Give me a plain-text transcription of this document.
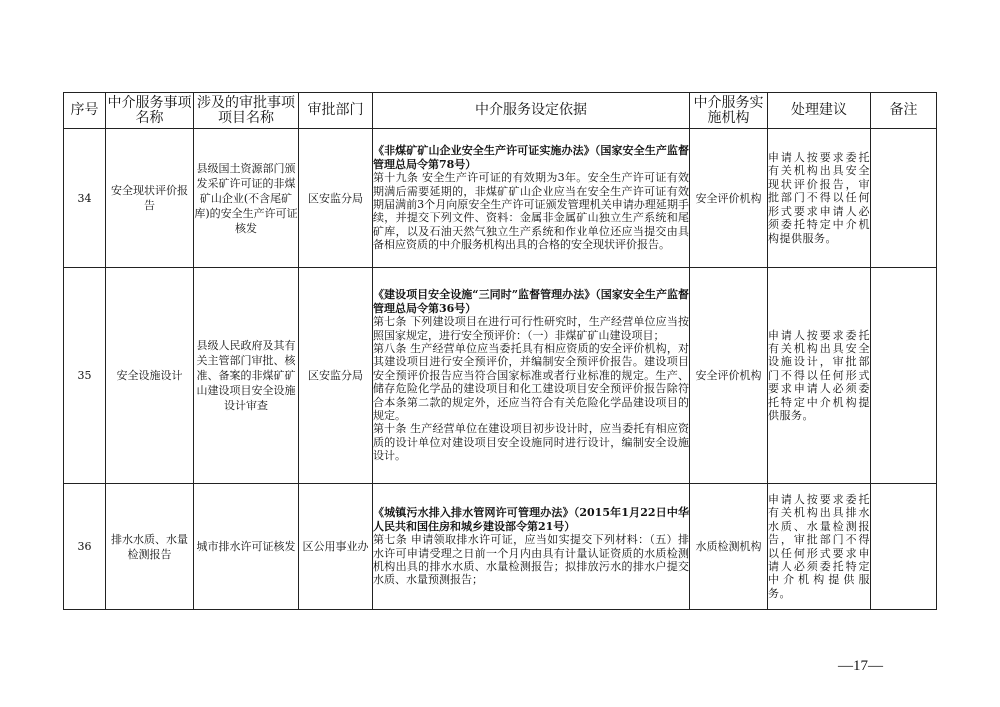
序号	中介服务事项名称	涉及的审批事项项目名称	审批部门	中介服务设定依据	中介服务实施机构	处理建议	备注
34	安全现状评价报告	县级国土资源部门颁发采矿许可证的非煤矿山企业(不含尾矿库)的安全生产许可证核发	区安监分局	《非煤矿矿山企业安全生产许可证实施办法》（国家安全生产监督管理总局令第78号）
第十九条 安全生产许可证的有效期为3年。安全生产许可证有效期满后需要延期的，非煤矿矿山企业应当在安全生产许可证有效期届满前3个月向原安全生产许可证颁发管理机关申请办理延期手续，并提交下列文件、资料：金属非金属矿山独立生产系统和尾矿库，以及石油天然气独立生产系统和作业单位还应当提交由具备相应资质的中介服务机构出具的合格的安全现状评价报告。	安全评价机构	申请人按要求委托有关机构出具安全现状评价报告，审批部门不得以任何形式要求申请人必须委托特定中介机构提供服务。	

35	安全设施设计	县级人民政府及其有关主管部门审批、核准、备案的非煤矿矿山建设项目安全设施设计审查	区安监分局	《建设项目安全设施“三同时”监督管理办法》（国家安全生产监督管理总局令第36号）
第七条 下列建设项目在进行可行性研究时，生产经营单位应当按照国家规定，进行安全预评价：（一）非煤矿矿山建设项目；
第八条 生产经营单位应当委托具有相应资质的安全评价机构，对其建设项目进行安全预评价，并编制安全预评价报告。建设项目安全预评价报告应当符合国家标准或者行业标准的规定。生产、储存危险化学品的建设项目和化工建设项目安全预评价报告除符合本条第二款的规定外，还应当符合有关危险化学品建设项目的规定。
第十条 生产经营单位在建设项目初步设计时，应当委托有相应资质的设计单位对建设项目安全设施同时进行设计，编制安全设施设计。	安全评价机构	申请人按要求委托有关机构出具安全设施设计，审批部门不得以任何形式要求申请人必须委托特定中介机构提供服务。	

36	排水水质、水量检测报告	城市排水许可证核发	区公用事业办	《城镇污水排入排水管网许可管理办法》（2015年1月22日中华人民共和国住房和城乡建设部令第21号）
第七条 申请领取排水许可证，应当如实提交下列材料：（五）排水许可申请受理之日前一个月内由具有计量认证资质的水质检测机构出具的排水水质、水量检测报告；拟排放污水的排水户提交水质、水量预测报告；	水质检测机构	申请人按要求委托有关机构出具排水水质、水量检测报告，审批部门不得以任何形式要求申请人必须委托特定中介机构提供服务。	

—17—
